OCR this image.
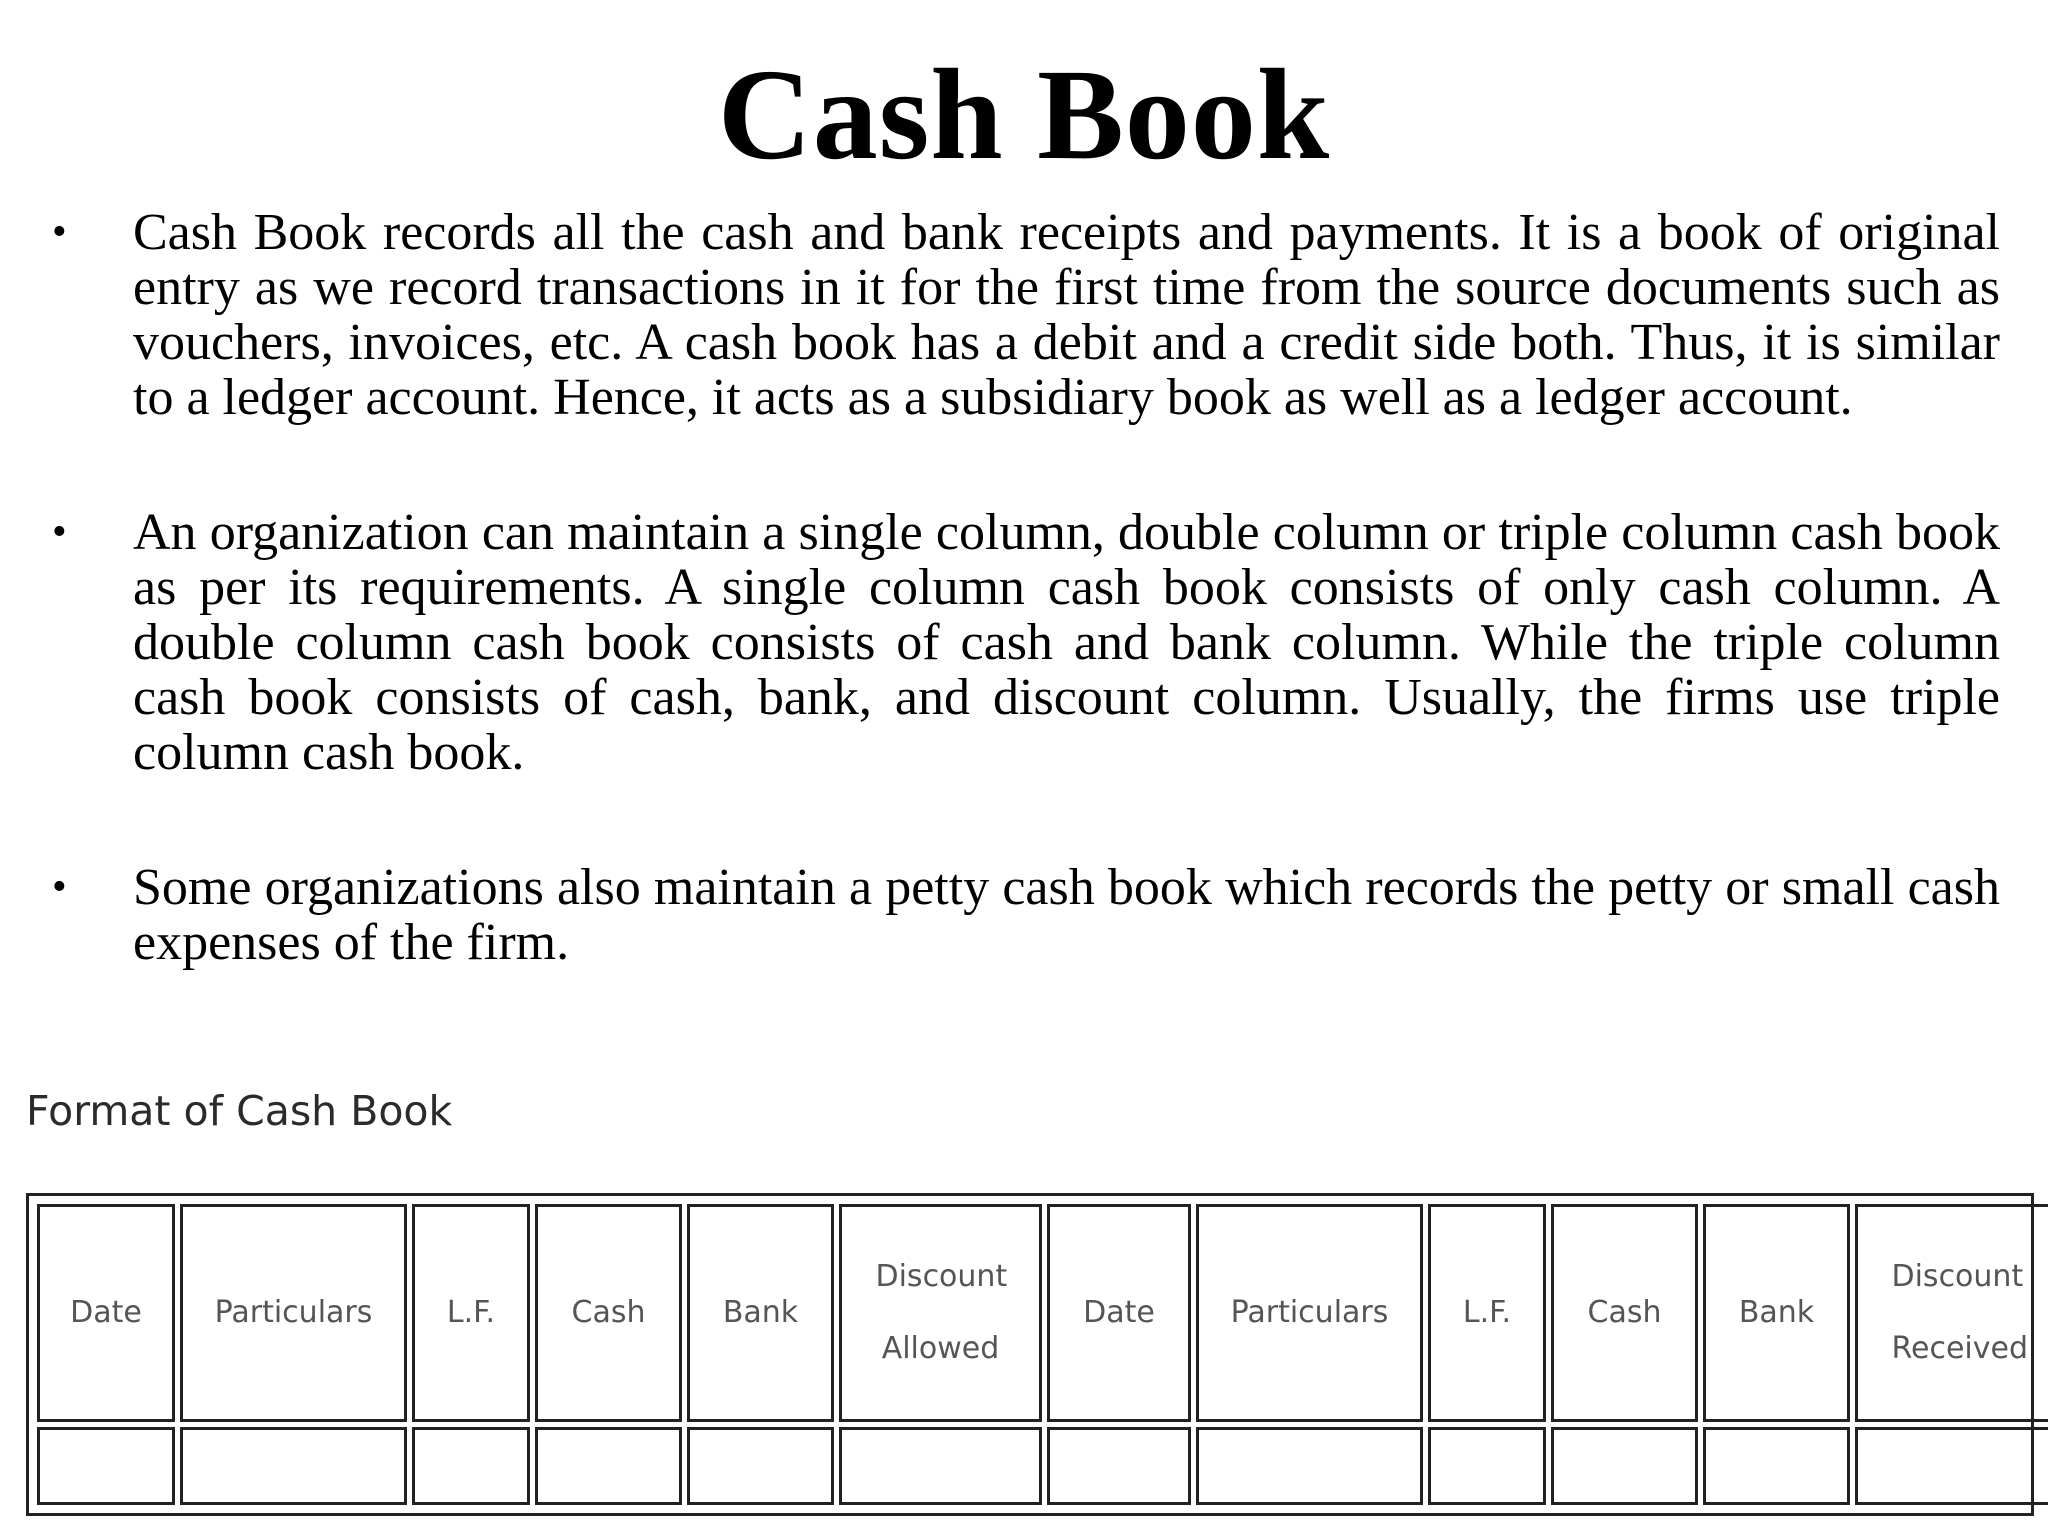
Cash Book
• Cash Book records all the cash and bank receipts and payments. It is a book of original entry as we record transactions in it for the first time from the source documents such as vouchers, invoices, etc. A cash book has a debit and a credit side both. Thus, it is similar to a ledger account. Hence, it acts as a subsidiary book as well as a ledger account.
• An organization can maintain a single column, double column or triple column cash book as per its requirements. A single column cash book consists of only cash column. A double column cash book consists of cash and bank column. While the triple column cash book consists of cash, bank, and discount column. Usually, the firms use triple column cash book.
• Some organizations also maintain a petty cash book which records the petty or small cash expenses of the firm.
Format of Cash Book
Date	Particulars	L.F.	Cash	Bank	Discount Allowed	Date	Particulars	L.F.	Cash	Bank	Discount Received
